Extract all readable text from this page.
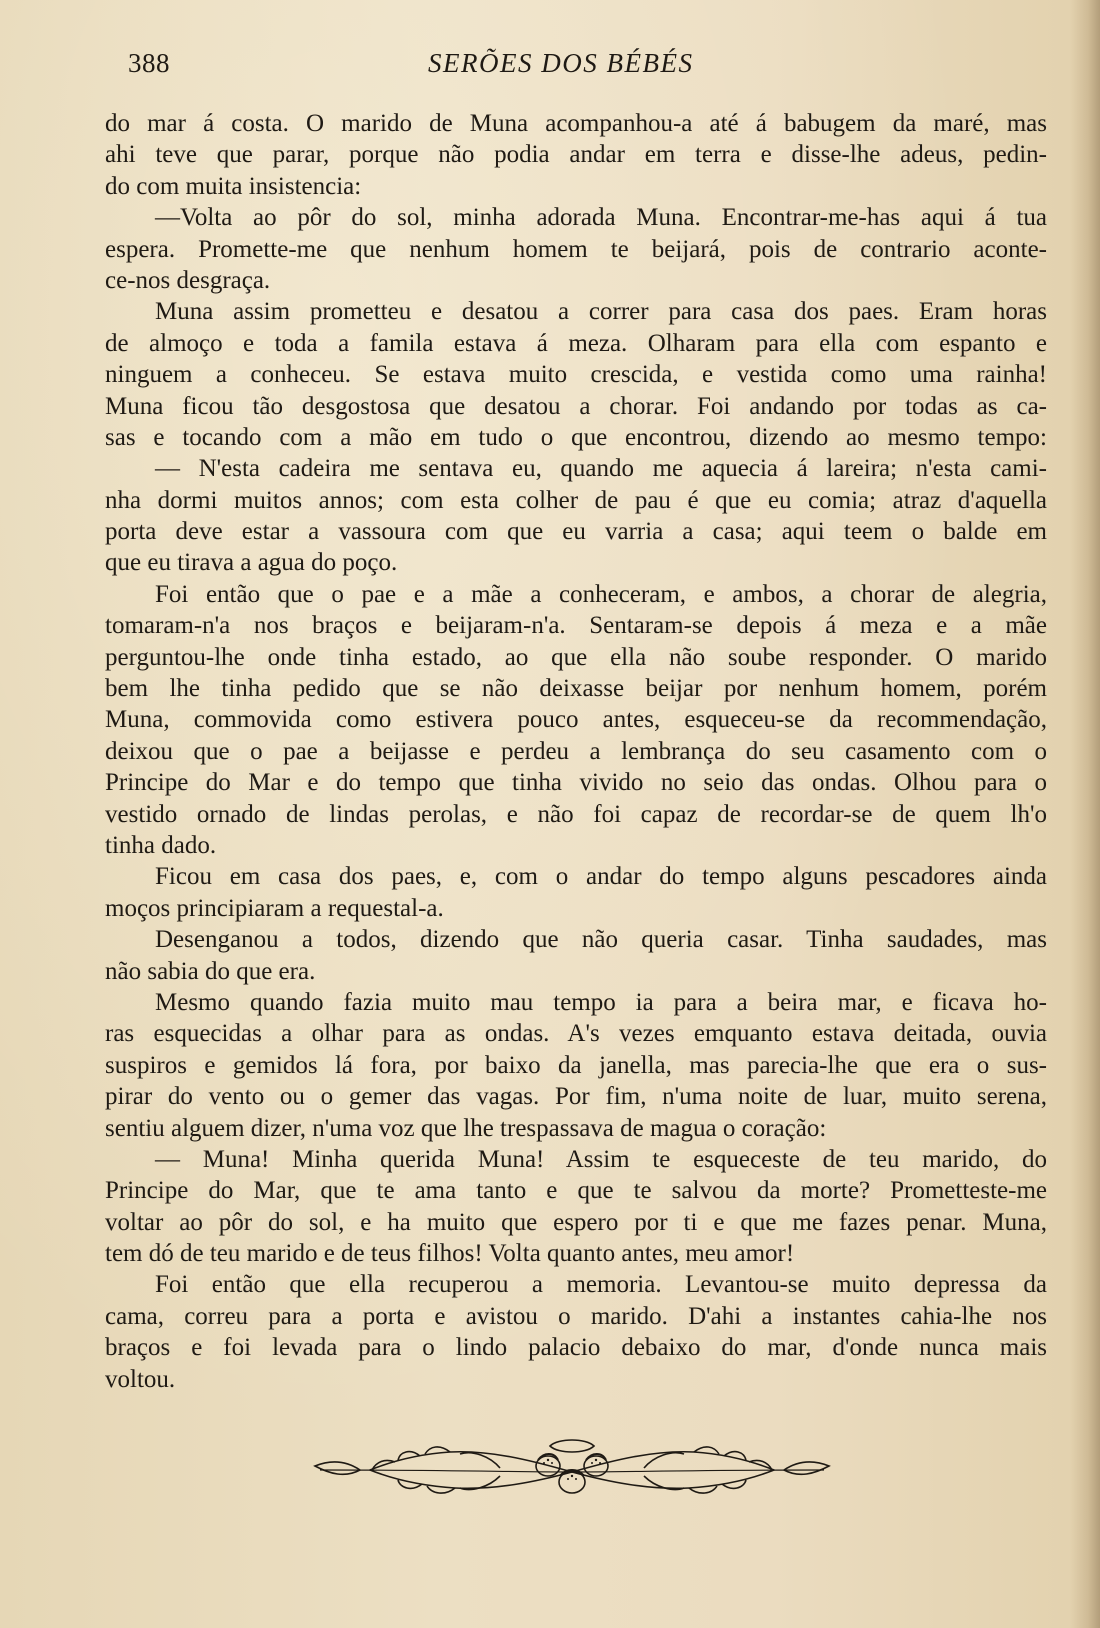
388	SERÕES DOS BÉBÉS
do mar á costa. O marido de Muna acompanhou-a até á babugem da maré, mas
ahi teve que parar, porque não podia andar em terra e disse-lhe adeus, pedin-
do com muita insistencia:
—Volta ao pôr do sol, minha adorada Muna. Encontrar-me-has aqui á tua
espera. Promette-me que nenhum homem te beijará, pois de contrario aconte-
ce-nos desgraça.
Muna assim prometteu e desatou a correr para casa dos paes. Eram horas
de almoço e toda a famila estava á meza. Olharam para ella com espanto e
ninguem a conheceu. Se estava muito crescida, e vestida como uma rainha!
Muna ficou tão desgostosa que desatou a chorar. Foi andando por todas as ca-
sas e tocando com a mão em tudo o que encontrou, dizendo ao mesmo tempo:
— N'esta cadeira me sentava eu, quando me aquecia á lareira; n'esta cami-
nha dormi muitos annos; com esta colher de pau é que eu comia; atraz d'aquella
porta deve estar a vassoura com que eu varria a casa; aqui teem o balde em
que eu tirava a agua do poço.
Foi então que o pae e a mãe a conheceram, e ambos, a chorar de alegria,
tomaram-n'a nos braços e beijaram-n'a. Sentaram-se depois á meza e a mãe
perguntou-lhe onde tinha estado, ao que ella não soube responder. O marido
bem lhe tinha pedido que se não deixasse beijar por nenhum homem, porém
Muna, commovida como estivera pouco antes, esqueceu-se da recommendação,
deixou que o pae a beijasse e perdeu a lembrança do seu casamento com o
Principe do Mar e do tempo que tinha vivido no seio das ondas. Olhou para o
vestido ornado de lindas perolas, e não foi capaz de recordar-se de quem lh'o
tinha dado.
Ficou em casa dos paes, e, com o andar do tempo alguns pescadores ainda
moços principiaram a requestal-a.
Desenganou a todos, dizendo que não queria casar. Tinha saudades, mas
não sabia do que era.
Mesmo quando fazia muito mau tempo ia para a beira mar, e ficava ho-
ras esquecidas a olhar para as ondas. A's vezes emquanto estava deitada, ouvia
suspiros e gemidos lá fora, por baixo da janella, mas parecia-lhe que era o sus-
pirar do vento ou o gemer das vagas. Por fim, n'uma noite de luar, muito serena,
sentiu alguem dizer, n'uma voz que lhe trespassava de magua o coração:
— Muna! Minha querida Muna! Assim te esqueceste de teu marido, do
Principe do Mar, que te ama tanto e que te salvou da morte? Prometteste-me
voltar ao pôr do sol, e ha muito que espero por ti e que me fazes penar. Muna,
tem dó de teu marido e de teus filhos! Volta quanto antes, meu amor!
Foi então que ella recuperou a memoria. Levantou-se muito depressa da
cama, correu para a porta e avistou o marido. D'ahi a instantes cahia-lhe nos
braços e foi levada para o lindo palacio debaixo do mar, d'onde nunca mais
voltou.
